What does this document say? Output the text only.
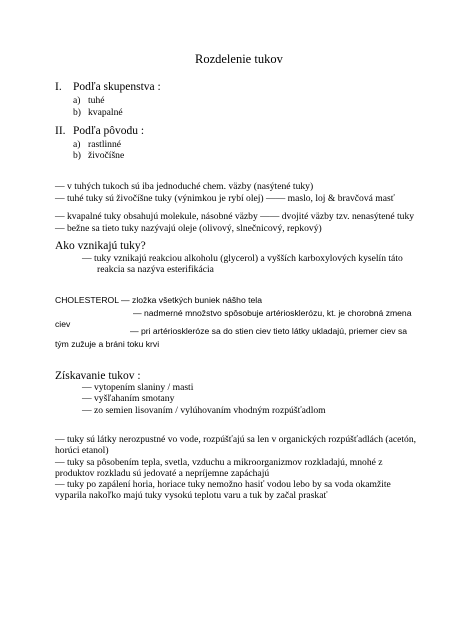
Rozdelenie tukov
I. Podľa skupenstva :
a) tuhé
b) kvapalné
II. Podľa pôvodu :
a) rastlinné
b) živočíšne
— v tuhých tukoch sú iba jednoduché chem. väzby (nasýtené tuky)
— tuhé tuky sú živočíšne tuky (výnimkou je rybí olej) —— maslo, loj & bravčová masť
— kvapalné tuky obsahujú molekule, násobné väzby —— dvojité väzby tzv. nenasýtené tuky
— bežne sa tieto tuky nazývajú oleje (olivový, slnečnicový, repkový)
Ako vznikajú tuky?
— tuky vznikajú reakciou alkoholu (glycerol) a vyšších karboxylových kyselín táto
reakcia sa nazýva esterifikácia
CHOLESTEROL — zložka všetkých buniek nášho tela
— nadmerné množstvo spôsobuje artériosklerózu, kt. je chorobná zmena
ciev
— pri artérioskleróze sa do stien ciev tieto látky ukladajú, priemer ciev sa
tým zužuje a bráni toku krvi
Získavanie tukov :
— vytopením slaniny / masti
— vyšľahaním smotany
— zo semien lisovaním / vylúhovaním vhodným rozpúšťadlom
— tuky sú látky nerozpustné vo vode, rozpúšťajú sa len v organických rozpúšťadlách (acetón,
horúci etanol)
— tuky sa pôsobením tepla, svetla, vzduchu a mikroorganizmov rozkladajú, mnohé z
produktov rozkladu sú jedovaté a nepríjemne zapáchajú
— tuky po zapálení horia, horiace tuky nemožno hasiť vodou lebo by sa voda okamžite
vyparila nakoľko majú tuky vysokú teplotu varu a tuk by začal praskať
